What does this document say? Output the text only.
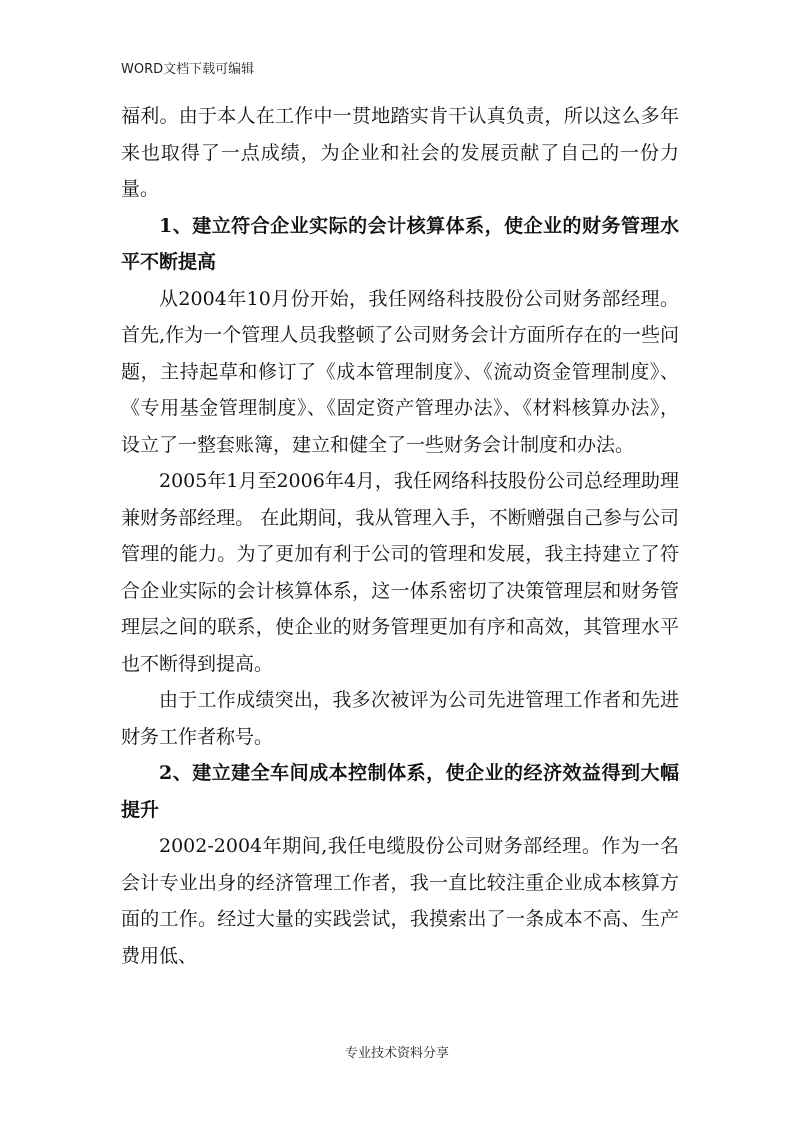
WORD文档下载可编辑

福利。由于本人在工作中一贯地踏实肯干认真负责，所以这么多年来也取得了一点成绩，为企业和社会的发展贡献了自己的一份力量。

1、建立符合企业实际的会计核算体系，使企业的财务管理水平不断提高

从2004年10月份开始，我任网络科技股份公司财务部经理。首先,作为一个管理人员我整顿了公司财务会计方面所存在的一些问题，主持起草和修订了《成本管理制度》、《流动资金管理制度》、《专用基金管理制度》、《固定资产管理办法》、《材料核算办法》，设立了一整套账簿，建立和健全了一些财务会计制度和办法。

2005年1月至2006年4月，我任网络科技股份公司总经理助理兼财务部经理。 在此期间，我从管理入手，不断赠强自己参与公司管理的能力。为了更加有利于公司的管理和发展，我主持建立了符合企业实际的会计核算体系，这一体系密切了决策管理层和财务管理层之间的联系，使企业的财务管理更加有序和高效，其管理水平也不断得到提高。

由于工作成绩突出，我多次被评为公司先进管理工作者和先进财务工作者称号。

2、建立建全车间成本控制体系，使企业的经济效益得到大幅提升

2002-2004年期间,我任电缆股份公司财务部经理。作为一名会计专业出身的经济管理工作者，我一直比较注重企业成本核算方面的工作。经过大量的实践尝试，我摸索出了一条成本不高、生产费用低、

专业技术资料分享
